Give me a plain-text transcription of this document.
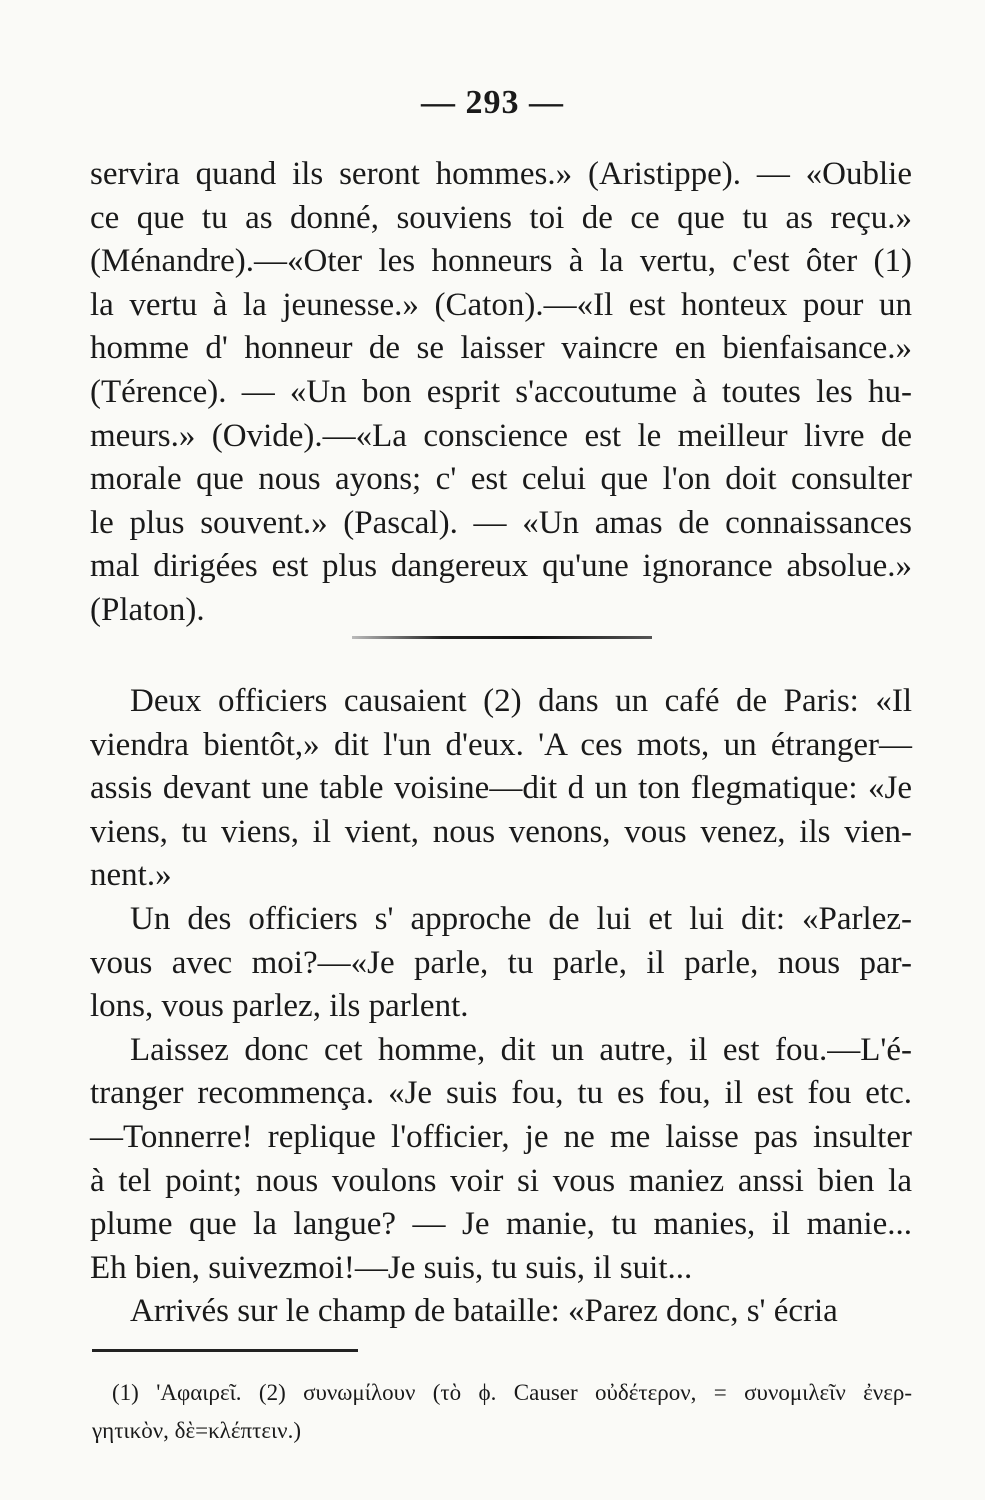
— 293 —
servira quand ils seront hommes.» (Aristippe). — «Oublie
ce que tu as donné, souviens toi de ce que tu as reçu.»
(Ménandre).—«Oter les honneurs à la vertu, c'est ôter (1)
la vertu à la jeunesse.» (Caton).—«Il est honteux pour un
homme d' honneur de se laisser vaincre en bienfaisance.»
(Térence). — «Un bon esprit s'accoutume à toutes les hu-
meurs.» (Ovide).—«La conscience est le meilleur livre de
morale que nous ayons; c' est celui que l'on doit consulter
le plus souvent.» (Pascal). — «Un amas de connaissances
mal dirigées est plus dangereux qu'une ignorance absolue.»
(Platon).
Deux officiers causaient (2) dans un café de Paris: «Il
viendra bientôt,» dit l'un d'eux. 'A ces mots, un étranger—
assis devant une table voisine—dit d un ton flegmatique: «Je
viens, tu viens, il vient, nous venons, vous venez, ils vien-
nent.»
Un des officiers s' approche de lui et lui dit: «Parlez-
vous avec moi?—«Je parle, tu parle, il parle, nous par-
lons, vous parlez, ils parlent.
Laissez donc cet homme, dit un autre, il est fou.—L'é-
tranger recommença. «Je suis fou, tu es fou, il est fou etc.
—Tonnerre! replique l'officier, je ne me laisse pas insulter
à tel point; nous voulons voir si vous maniez anssi bien la
plume que la langue? — Je manie, tu manies, il manie...
Eh bien, suivezmoi!—Je suis, tu suis, il suit...
Arrivés sur le champ de bataille: «Parez donc, s' écria
(1) 'Αφαιρεῖ. (2) συνωμίλουν (τὸ ϕ. Causer οὐδέτερον, = συνομιλεῖν ἐνερ-
γητικὸν, δὲ=κλέπτειν.)
